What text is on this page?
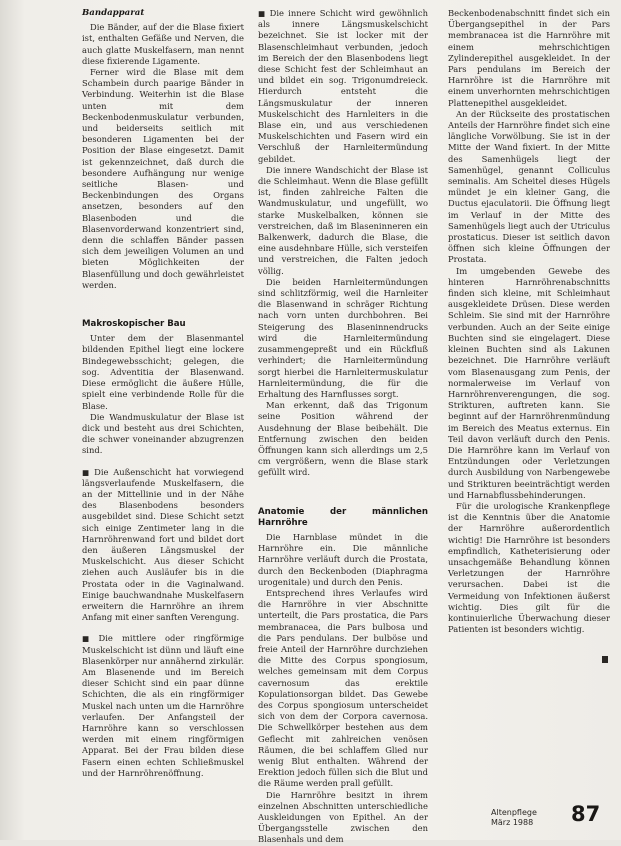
Bandapparat

Die Bänder, auf der die Blase fixiert ist, enthalten Gefäße und Nerven, die auch glatte Muskelfasern, man nennt diese fixierende Ligamente.

Ferner wird die Blase mit dem Schambein durch paarige Bänder in Verbindung. Weiterhin ist die Blase unten mit dem Beckenbodenmuskulatur verbunden, und beiderseits seitlich mit besonderen Ligamenten bei der Position der Blase eingesetzt. Damit ist gekennzeichnet, daß durch die besondere Aufhängung nur wenige seitliche Blasen- und Beckenbindungen des Organs ansetzen, besonders auf den Blasenboden und die Blasenvorderwand konzentriert sind, denn die schlaffen Bänder passen sich dem jeweiligen Volumen an und bieten Möglichkeiten der Blasenfüllung und doch gewährleistet werden.

Makroskopischer Bau

Unter dem der Blasenmantel bildenden Epithel liegt eine lockere Bindegewebsschicht; gelegen, die sog. Adventitia der Blasenwand. Diese ermöglicht die äußere Hülle, spielt eine verbindende Rolle für die Blase.

Die Wandmuskulatur der Blase ist dick und besteht aus drei Schichten, die schwer voneinander abzugrenzen sind.

■ Die Außenschicht hat vorwiegend längsverlaufende Muskelfasern, die an der Mittellinie und in der Nähe des Blasenbodens besonders ausgebildet sind. Diese Schicht setzt sich einige Zentimeter lang in die Harnröhrenwand fort und bildet dort den äußeren Längsmuskel der Muskelschicht. Aus dieser Schicht ziehen auch Ausläufer bis in die Prostata oder in die Vaginalwand. Einige bauchwandnahe Muskelfasern erweitern die Harnröhre an ihrem Anfang mit einer sanften Verengung.

■ Die mittlere oder ringförmige Muskelschicht ist dünn und läuft eine Blasenkörper nur annähernd zirkulär. Am Blasenende und im Bereich dieser Schicht sind ein paar dünne Schichten, die als ein ringförmiger Muskel nach unten um die Harnröhre verlaufen. Der Anfangsteil der Harnröhre kann so verschlossen werden mit einem ringförmigen Apparat. Bei der Frau bilden diese Fasern einen echten Schließmuskel und der Harnröhrenöffnung.

■ Die innere Schicht wird gewöhnlich als innere Längsmuskelschicht bezeichnet. Sie ist locker mit der Blasenschleimhaut verbunden, jedoch im Bereich der den Blasenbodens liegt diese Schicht fest der Schleimhaut an und bildet ein sog. Trigonumdreieck. Hierdurch entsteht die Längsmuskulatur der inneren Muskelschicht des Harnleiters in die Blase ein, und aus verschiedenen Muskelschichten und Fasern wird ein Verschluß der Harnleitermündung gebildet.

Die innere Wandschicht der Blase ist die Schleimhaut. Wenn die Blase gefüllt ist, finden zahlreiche Falten die Wandmuskulatur, und ungefüllt, wo starke Muskelbalken, können sie verstreichen, daß im Blaseninneren ein Balkenwerk, dadurch die Blase, die eine ausdehnbare Hülle, sich versteifen und verstreichen, die Falten jedoch völlig.

Die beiden Harnleitermündungen sind schlitzförmig, weil die Harnleiter die Blasenwand in schräger Richtung nach vorn unten durchbohren. Bei Steigerung des Blaseninnendrucks wird die Harnleitermündung zusammengepreßt und ein Rückfluß verhindert; die Harnleitermündung sorgt hierbei die Harnleitermuskulatur Harnleitermündung, die für die Erhaltung des Harnflusses sorgt.

Man erkennt, daß das Trigonum seine Position während der Ausdehnung der Blase beibehält. Die Entfernung zwischen den beiden Öffnungen kann sich allerdings um 2,5 cm vergrößern, wenn die Blase stark gefüllt wird.

Anatomie der männlichen Harnröhre

Die Harnblase mündet in die Harnröhre ein. Die männliche Harnröhre verläuft durch die Prostata, durch den Beckenboden (Diaphragma urogenitale) und durch den Penis.

Entsprechend ihres Verlaufes wird die Harnröhre in vier Abschnitte unterteilt, die Pars prostatica, die Pars membranacea, die Pars bulbosa und die Pars pendulans. Der bulböse und freie Anteil der Harnröhre durchziehen die Mitte des Corpus spongiosum, welches gemeinsam mit dem Corpus cavernosum das erektile Kopulationsorgan bildet. Das Gewebe des Corpus spongiosum unterscheidet sich von dem der Corpora cavernosa. Die Schwellkörper bestehen aus dem Geflecht mit zahlreichen venösen Räumen, die bei schlaffem Glied nur wenig Blut enthalten. Während der Erektion jedoch füllen sich die Blut und die Räume werden prall gefüllt.

Die Harnröhre besitzt in ihrem einzelnen Abschnitten unterschiedliche Auskleidungen von Epithel. An der Übergangsstelle zwischen den Blasenhals und dem

Beckenbodenabschnitt findet sich ein Übergangsepithel in der Pars membranacea ist die Harnröhre mit einem mehrschichtigen Zylinderepithel ausgekleidet. In der Pars pendulans im Bereich der Harnröhre ist die Harnröhre mit einem unverhornten mehrschichtigen Plattenepithel ausgekleidet.

An der Rückseite des prostatischen Anteils der Harnröhre findet sich eine längliche Vorwölbung. Sie ist in der Mitte der Wand fixiert. In der Mitte des Samenhügels liegt der Samenhügel, genannt Colliculus seminalis. Am Scheitel dieses Hügels mündet je ein kleiner Gang, die Ductus ejaculatorii. Die Öffnung liegt im Verlauf in der Mitte des Samenhügels liegt auch der Utriculus prostaticus. Dieser ist seitlich davon öffnen sich kleine Öffnungen der Prostata.

Im umgebenden Gewebe des hinteren Harnröhrenabschnitts finden sich kleine, mit Schleimhaut ausgekleidete Drüsen. Diese werden Schleim. Sie sind mit der Harnröhre verbunden. Auch an der Seite einige Buchten sind sie eingelagert. Diese kleinen Buchten sind als Lakunen bezeichnet. Die Harnröhre verläuft vom Blasenausgang zum Penis, der normalerweise im Verlauf von Harnröhrenverengungen, die sog. Strikturen, auftreten kann. Sie beginnt auf der Harnröhrenmündung im Bereich des Meatus externus. Ein Teil davon verläuft durch den Penis. Die Harnröhre kann im Verlauf von Entzündungen oder Verletzungen durch Ausbildung von Narbengewebe und Strikturen beeinträchtigt werden und Harnabflussbehinderungen.

Für die urologische Krankenpflege ist die Kenntnis über die Anatomie der Harnröhre außerordentlich wichtig! Die Harnröhre ist besonders empfindlich, Katheterisierung oder unsachgemäße Behandlung können Verletzungen der Harnröhre verursachen. Dabei ist die Vermeidung von Infektionen äußerst wichtig. Dies gilt für die kontinuierliche Überwachung dieser Patienten ist besonders wichtig.

Altenpflege
März 1988 87
